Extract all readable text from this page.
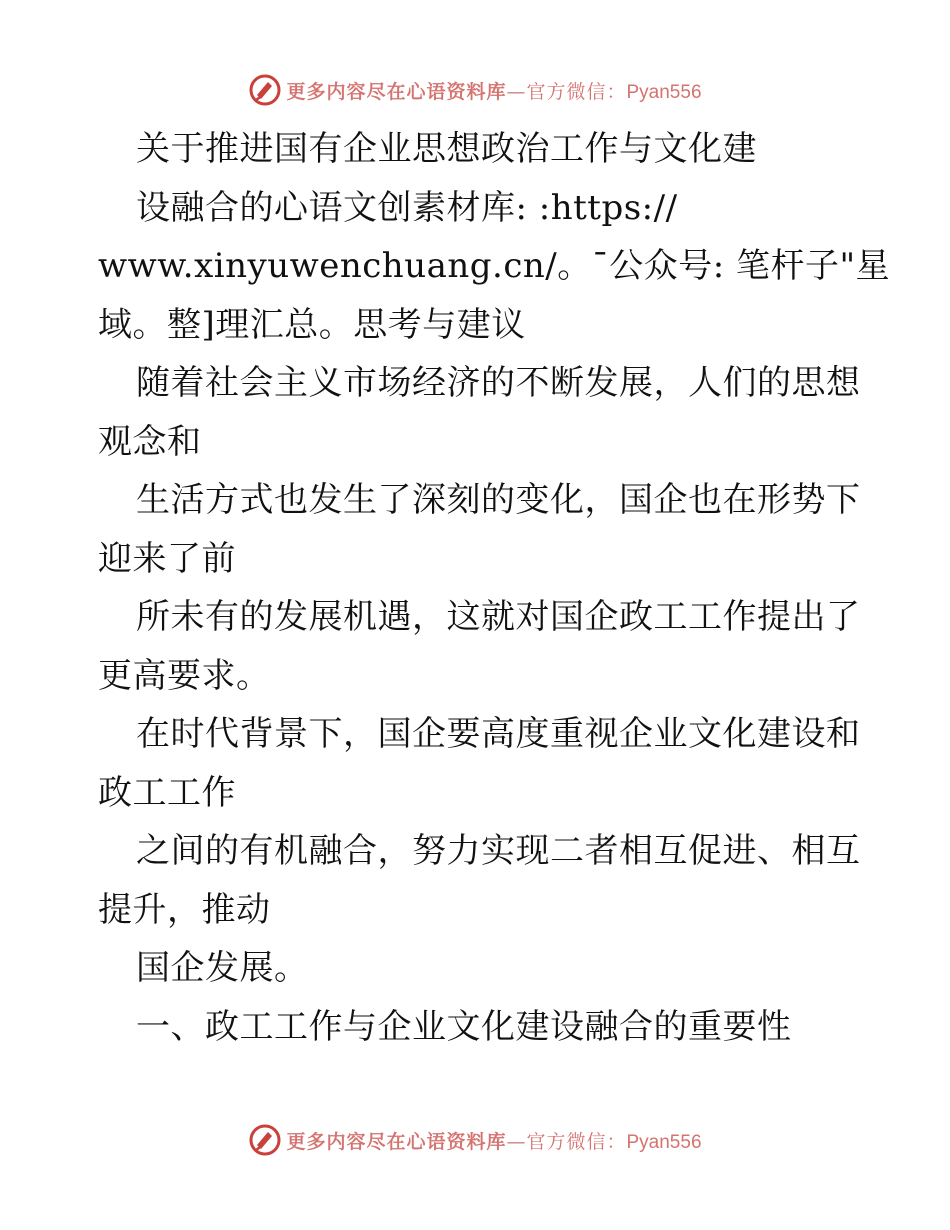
更多内容尽在心语资料库—官方微信：Pyan556
关于推进国有企业思想政治工作与文化建
设融合的心语文创素材库: :https://
www.xinyuwenchuang.cn/。¯公众号: 笔杆子"星
域。整]理汇总。思考与建议
随着社会主义市场经济的不断发展，人们的思想
观念和
生活方式也发生了深刻的变化，国企也在形势下
迎来了前
所未有的发展机遇，这就对国企政工工作提出了
更高要求。
在时代背景下，国企要高度重视企业文化建设和
政工工作
之间的有机融合，努力实现二者相互促进、相互
提升，推动
国企发展。
一、政工工作与企业文化建设融合的重要性
更多内容尽在心语资料库—官方微信：Pyan556
